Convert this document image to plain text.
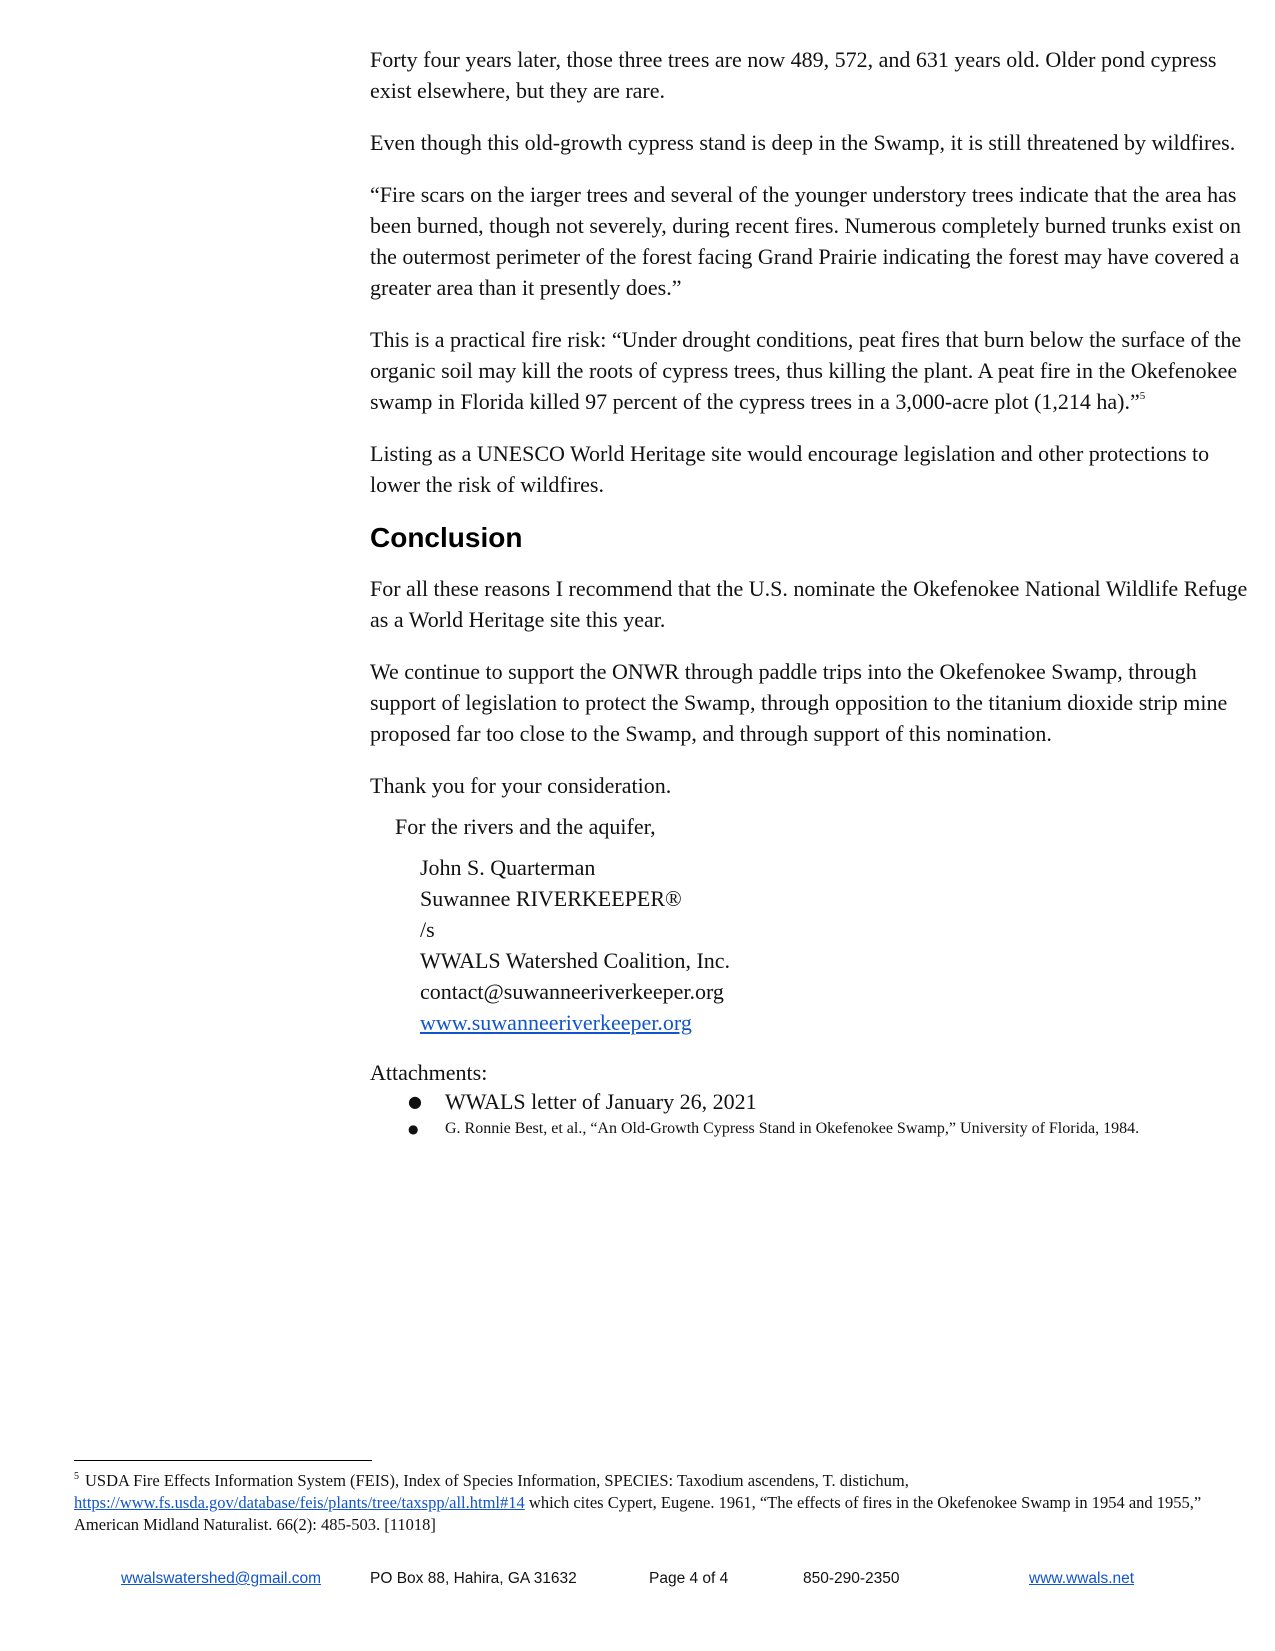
Forty four years later, those three trees are now 489, 572, and 631 years old. Older pond cypress exist elsewhere, but they are rare.

Even though this old-growth cypress stand is deep in the Swamp, it is still threatened by wildfires.

“Fire scars on the iarger trees and several of the younger understory trees indicate that the area has been burned, though not severely, during recent fires. Numerous completely burned trunks exist on the outermost perimeter of the forest facing Grand Prairie indicating the forest may have covered a greater area than it presently does.”

This is a practical fire risk: “Under drought conditions, peat fires that burn below the surface of the organic soil may kill the roots of cypress trees, thus killing the plant. A peat fire in the Okefenokee swamp in Florida killed 97 percent of the cypress trees in a 3,000-acre plot (1,214 ha).”$^5$

Listing as a UNESCO World Heritage site would encourage legislation and other protections to lower the risk of wildfires.

Conclusion

For all these reasons I recommend that the U.S. nominate the Okefenokee National Wildlife Refuge as a World Heritage site this year.

We continue to support the ONWR through paddle trips into the Okefenokee Swamp, through support of legislation to protect the Swamp, through opposition to the titanium dioxide strip mine proposed far too close to the Swamp, and through support of this nomination.

Thank you for your consideration.

For the rivers and the aquifer,
John S. Quarterman
Suwannee RIVERKEEPER®
/s
WWALS Watershed Coalition, Inc.
contact@suwanneeriverkeeper.org
www.suwanneeriverkeeper.org
Attachments:
● WWALS letter of January 26, 2021
● G. Ronnie Best, et al., “An Old-Growth Cypress Stand in Okefenokee Swamp,” University of Florida, 1984.
$^5$ USDA Fire Effects Information System (FEIS), Index of Species Information, SPECIES: Taxodium ascendens, T. distichum,
https://www.fs.usda.gov/database/feis/plants/tree/taxspp/all.html#14 which cites Cypert, Eugene. 1961, “The effects of fires in the Okefenokee Swamp in 1954 and 1955,” American Midland Naturalist. 66(2): 485-503. [11018]
wwalswatershed@gmail.com	PO Box 88, Hahira, GA 31632	Page 4 of 4	850-290-2350	www.wwals.net
